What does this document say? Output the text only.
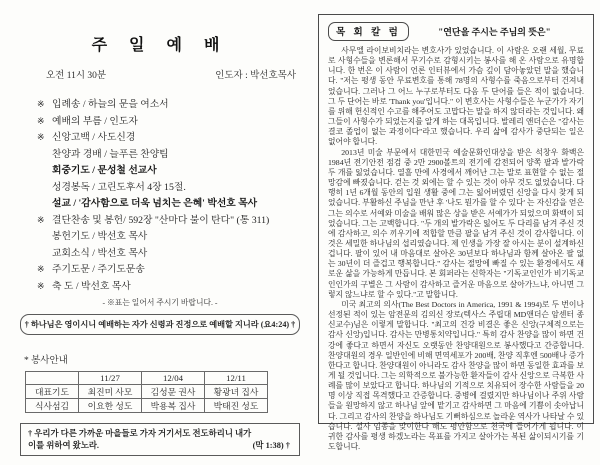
주 일 예 배
오전 11시 30분	인도자 : 박선호목사
※ 입례송 / 하늘의 문을 여소서
※ 예배의 부름 / 인도자
※ 신앙고백 / 사도신경
찬양과 경배 / 늘푸른 찬양팀
회중기도 / 문성철 선교사
성경봉독 / 고린도후서 4장 15절.
설교 / '감사함으로 더욱 넘치는 은혜' 박선호 목사
※ 결단찬송 및 봉헌/ 592장 "산마다 불이 탄다" (통 311)
봉헌기도 / 박선호 목사
교회소식 / 박선호 목사
※ 주기도문 / 주기도문송
※ 축 도 / 박선호 목사
- ※표는 일어서 주시기 바랍니다. -
† 하나님은 영이시니 예배하는 자가 신령과 진정으로 예배할 지니라 (요4:24) †
* 봉사안내
	11/27	12/04	12/11
대표기도	최진미 사모	김성문 권사	황광녀 집사
식사섬김	이요한 성도	박용복 집사	박태진 성도
† 우리가 다른 가까운 마을들로 가자 거기서도 전도하리니 내가 이를 위하여 왔노라.	(막 1:38) †
목 회 칼 럼	"연단을 주시는 주님의 뜻은"

사무엘 라이보비치라는 변호사가 있었습니다. 이 사람은 오랜 세월, 무료로 사형수들을 변론해서 무기수로 감형시키는 봉사를 해 온 사람으로 유명합니다. 한 번은 이 사람이 언론 인터뷰에서 가슴 깊이 담아놓았던 말을 했습니다. "저는 평생 동안 무료변호를 통해 78명의 사형수를 죽음으로부터 건져내었습니다. 그러나 그 어느 누구로부터도 다음 두 단어를 들은 적이 없습니다. 그 두 단어는 바로 'Thank you'입니다." 이 변호사는 사형수들은 누군가가 자기를 위해 헌신적인 수고를 해주어도 고맙다는 말을 하지 않더라는 것입니다. 왜 그들이 사형수가 되었는지를 알게 하는 대목입니다. 발레리 앤더슨은 "감사는 결코 졸업이 없는 과정이다"라고 했습니다. 우리 삶에 감사가 중단되는 일은 없어야 합니다.

2013년 미술 부문에서 대한민국 예술문화인대상을 받은 석창우 화백은 1984년 전기안전 점검 중 2만 2900볼트의 전기에 감전되어 양쪽 팔과 발가락 두 개를 잃었습니다. 열흘 만에 사경에서 깨어난 그는 말로 표현할 수 없는 절망감에 빠졌습니다. 걷는 것 외에는 할 수 있는 것이 아무 것도 없었습니다. 다행히 1년 6개월 동안의 입원 생활 중에 그는 잃어버렸던 신앙을 다시 찾게 되었습니다. 부활하신 주님을 만난 후 '나도 뭔가를 할 수 있다' 는 자신감을 얻은 그는 의수로 서예와 미술을 배워 많은 상을 받은 서예가가 되었으며 화백이 되었습니다. 그는 고백합니다. "두 개의 발가락은 잃어도 두 다리를 남겨 주신 것에 감사하고, 의수 끼우기에 적합할 만큼 팔을 남겨 주신 것이 감사합니다. 이것은 세밀한 하나님의 섭리였습니다. 제 인생을 가장 잘 아시는 분이 설계하신 겁니다. 팔이 있어 내 마음대로 살아온 30년보다 하나님과 함께 살아온 팔 없는 30년이 더 즐겁고 행복합니다." 감사는 절망에 빠질 수 있는 환경에서도 새로운 삶을 가능하게 만듭니다. 본 회퍼라는 신학자는 "기독교인인가 비기독교인인가의 구별은 그 사람이 감사하고 즐거운 마음으로 살아가느냐, 아니면 그렇지 않느냐로 할 수 있다."고 말합니다.

미국 최고의 의사(The Best Doctors in America, 1991 & 1994)로 두 번이나 선정된 적이 있는 암전문의 김의신 장로(텍사스 주립대 MD앤더슨 암센터 종신교수)님은 이렇게 말합니다. "최고의 건강 비결은 좋은 신앙(구체적으로는 감사 신앙)입니다. 감사는 만병통치약입니다." 특히 감사 찬양을 많이 하면 건강에 좋다고 하면서 자신도 오랫동안 찬양대원으로 봉사했다고 간증합니다. 찬양대원의 경우 일반인에 비해 면역세포가 200배, 찬양 직후엔 500배나 증가한다고 합니다. 찬양대원이 아니라도 감사 찬양을 많이 하면 동일한 효과를 보게 될 것입니다. 그는 의학적으로 불가능한 환자들이 감사 신앙으로 극복한 사례를 많이 보았다고 합니다. 하나님의 기적으로 치유되어 장수한 사람들을 20명 이상 직접 목격했다고 간증합니다. 중병에 걸렸지만 하나님이나 주위 사람들을 원망하지 않고 하나님 앞에 맡기고 감사하면 그 마음에 기쁨이 솟아납니다. 그리고 감사의 찬양을 하나님도 기뻐하심으로 놀라운 역사가 나타날 수 있습니다. 설사 임종을 맞이한다 해도 평안함으로 천국에 들어가게 됩니다. 이 귀한 감사를 평생 하겠노라는 목표를 가지고 살아가는 복된 삶이되시기를 기도합니다.
